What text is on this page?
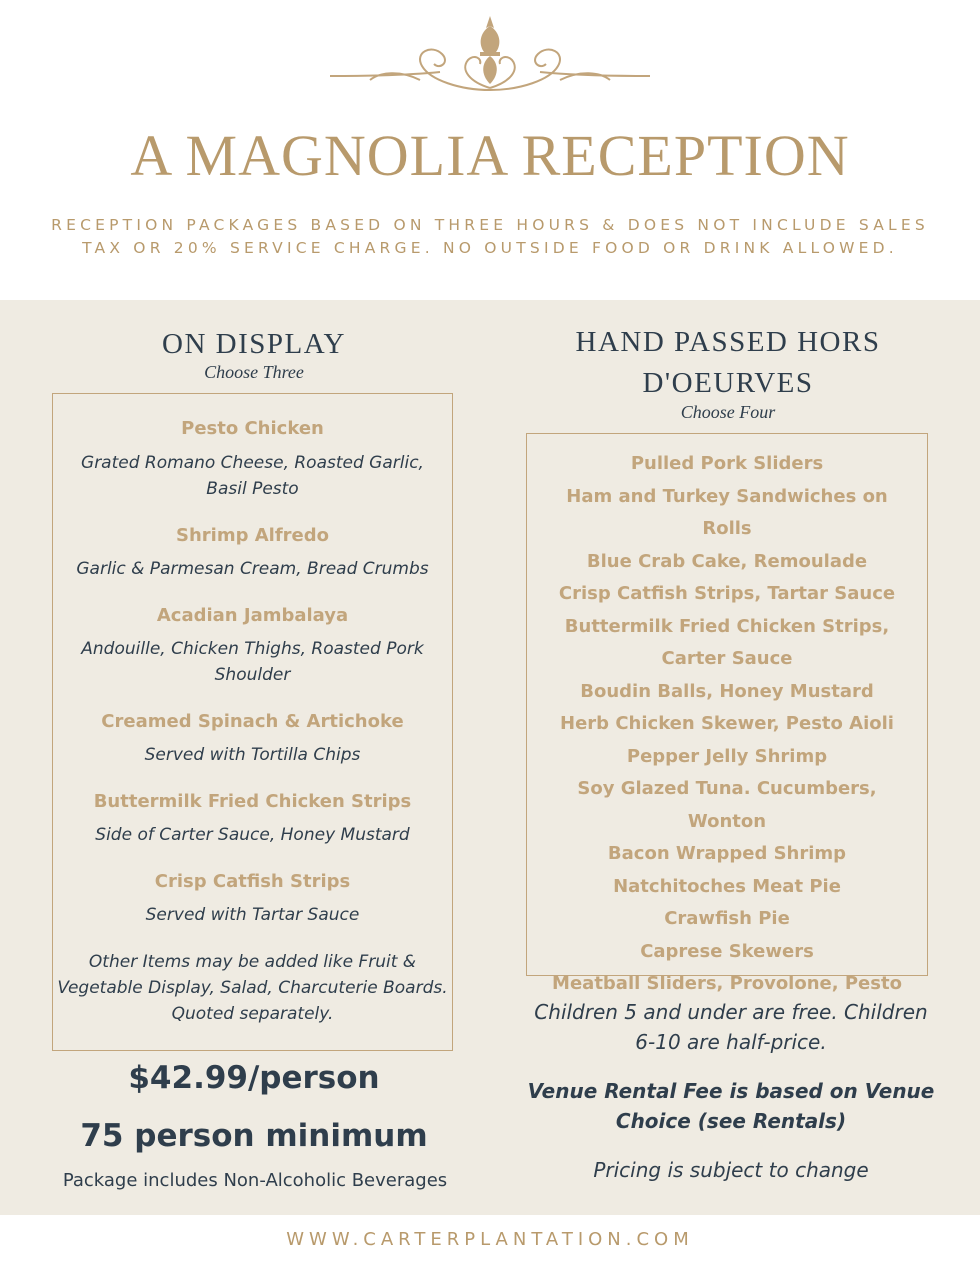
A MAGNOLIA RECEPTION
RECEPTION PACKAGES BASED ON THREE HOURS & DOES NOT INCLUDE SALES
TAX OR 20% SERVICE CHARGE. NO OUTSIDE FOOD OR DRINK ALLOWED.
ON DISPLAY
Choose Three
Pesto Chicken
Grated Romano Cheese, Roasted Garlic,
Basil Pesto
Shrimp Alfredo
Garlic & Parmesan Cream, Bread Crumbs
Acadian Jambalaya
Andouille, Chicken Thighs, Roasted Pork
Shoulder
Creamed Spinach & Artichoke
Served with Tortilla Chips
Buttermilk Fried Chicken Strips
Side of Carter Sauce, Honey Mustard
Crisp Catfish Strips
Served with Tartar Sauce
Other Items may be added like Fruit &
Vegetable Display, Salad, Charcuterie Boards.
Quoted separately.
$42.99/person
75 person minimum
Package includes Non-Alcoholic Beverages
HAND PASSED HORS
D'OEURVES
Choose Four
Pulled Pork Sliders
Ham and Turkey Sandwiches on Rolls
Blue Crab Cake, Remoulade
Crisp Catfish Strips, Tartar Sauce
Buttermilk Fried Chicken Strips, Carter Sauce
Boudin Balls, Honey Mustard
Herb Chicken Skewer, Pesto Aioli
Pepper Jelly Shrimp
Soy Glazed Tuna. Cucumbers, Wonton
Bacon Wrapped Shrimp
Natchitoches Meat Pie
Crawfish Pie
Caprese Skewers
Meatball Sliders, Provolone, Pesto
Children 5 and under are free. Children
6-10 are half-price.
Venue Rental Fee is based on Venue
Choice (see Rentals)
Pricing is subject to change
WWW.CARTERPLANTATION.COM
